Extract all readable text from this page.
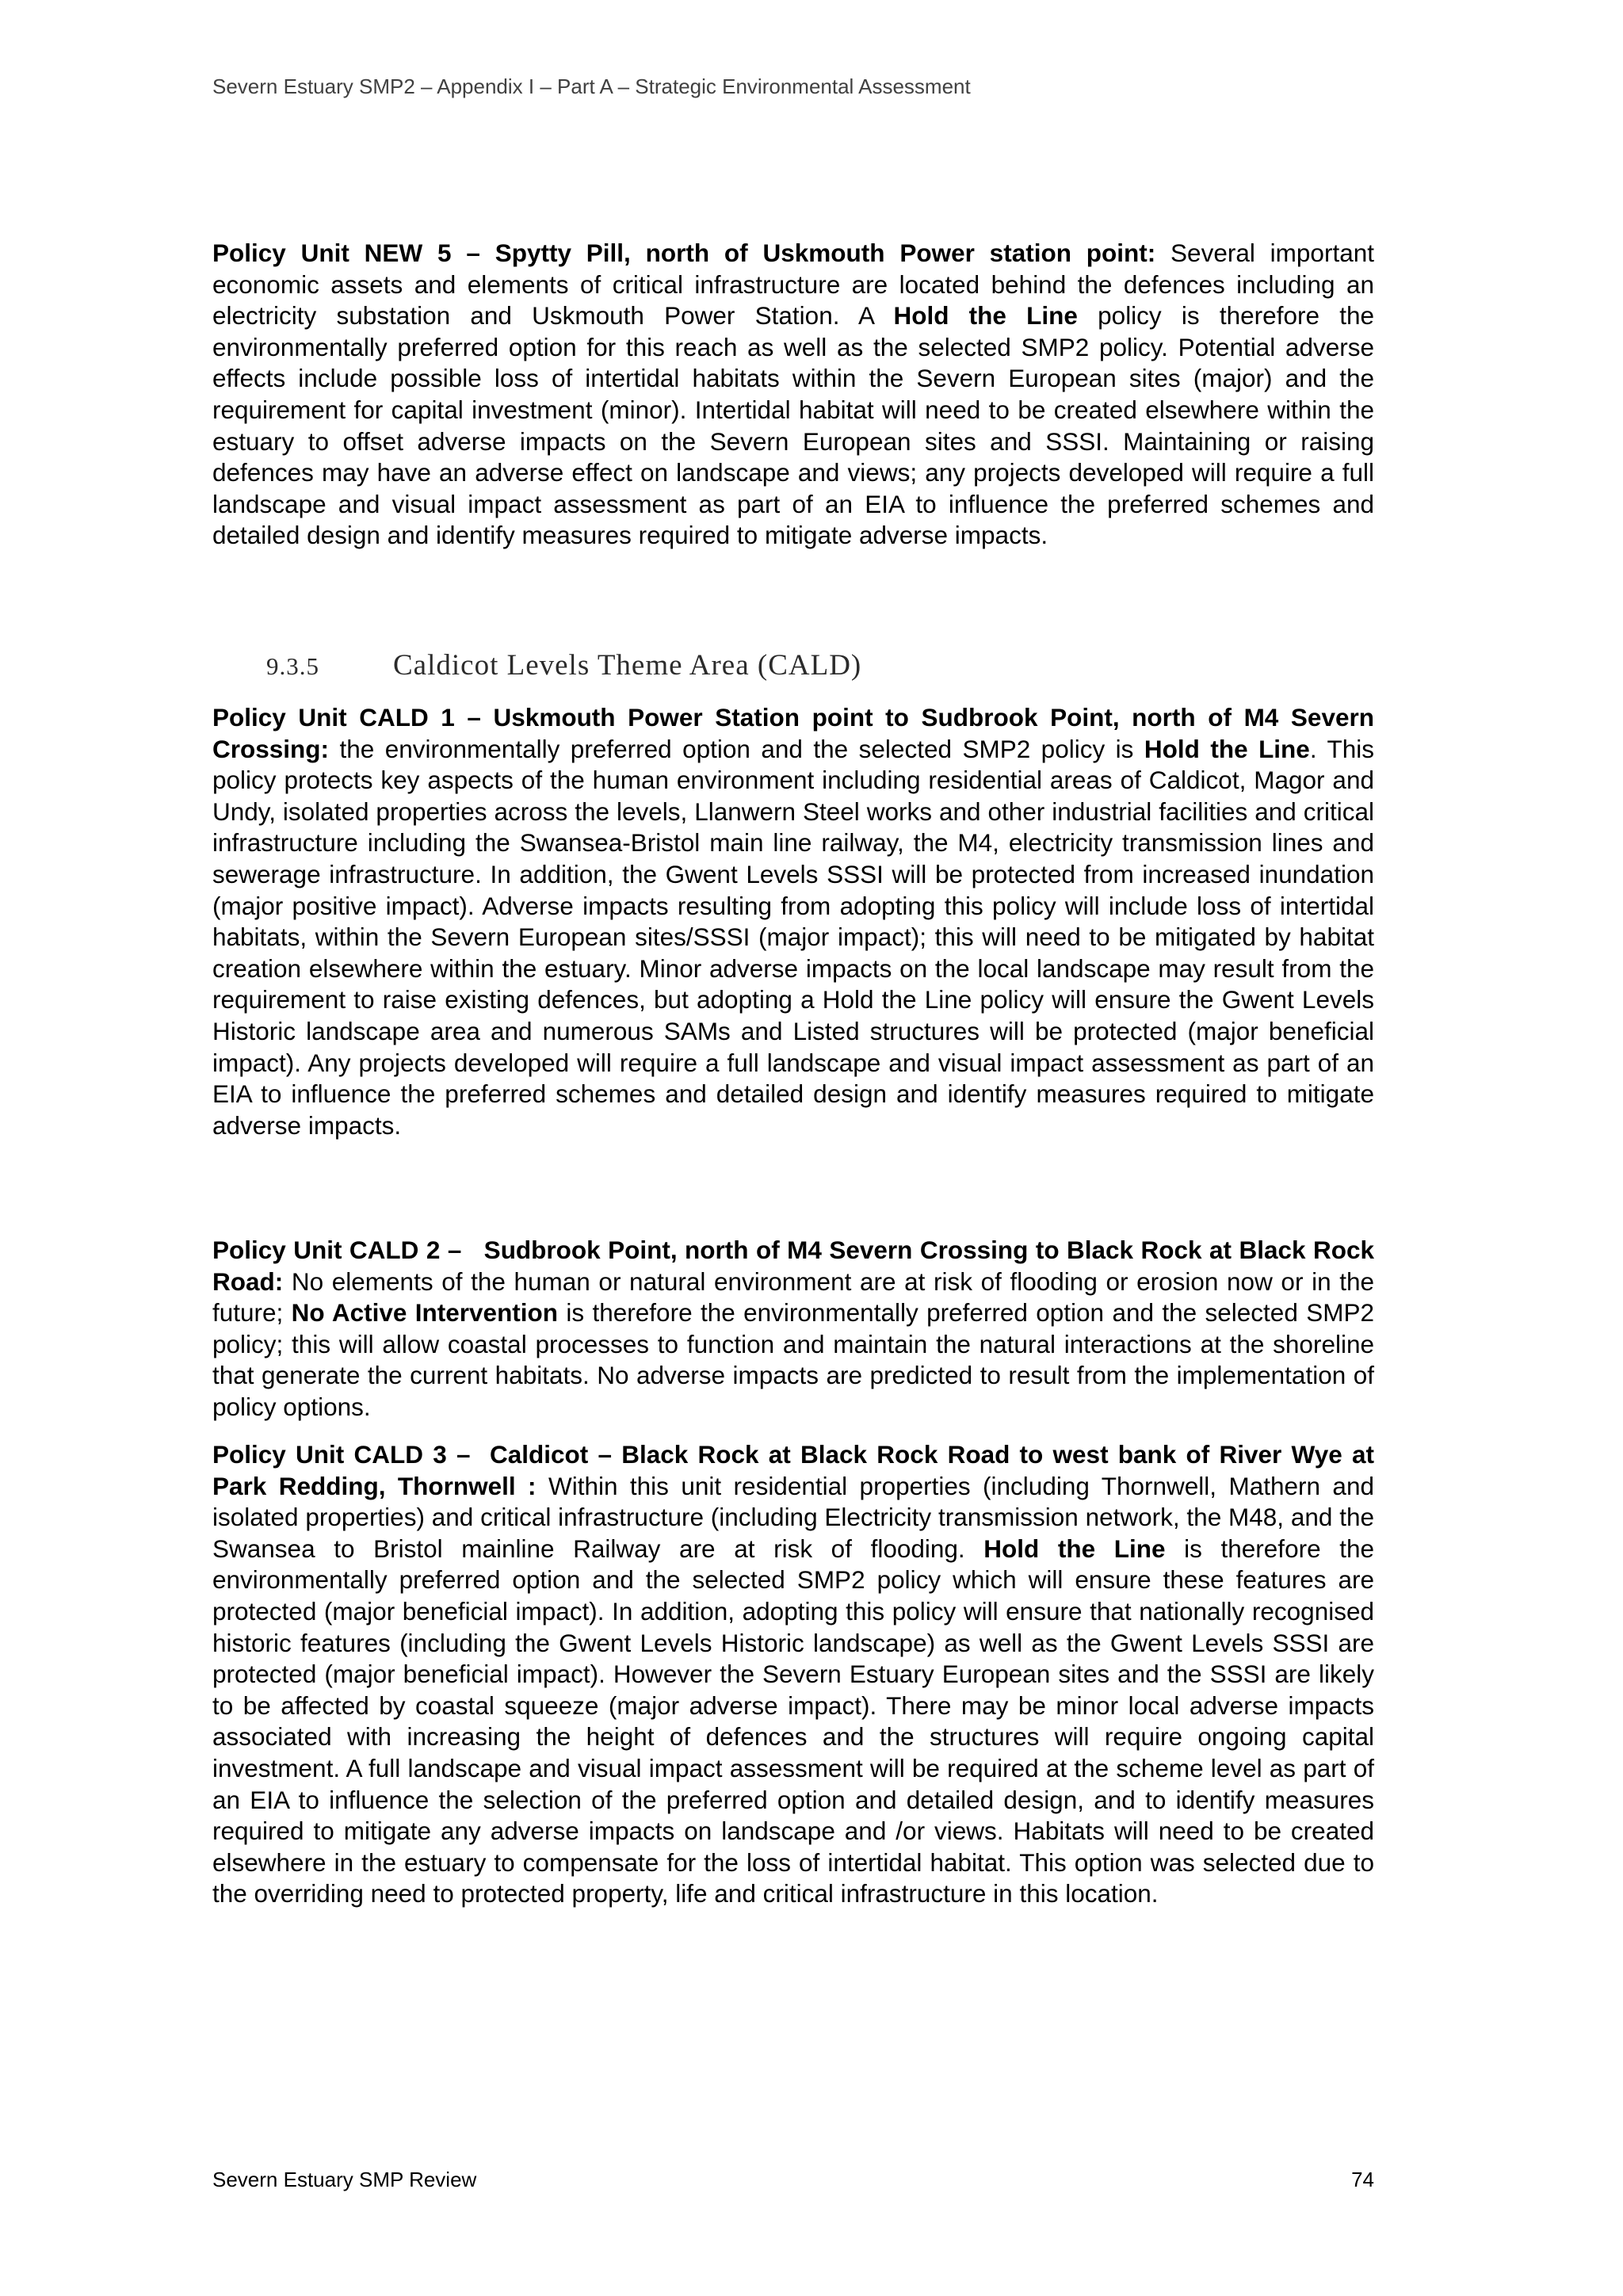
Severn Estuary SMP2 – Appendix I – Part A – Strategic Environmental Assessment

Policy Unit NEW 5 – Spytty Pill, north of Uskmouth Power station point: Several important economic assets and elements of critical infrastructure are located behind the defences including an electricity substation and Uskmouth Power Station. A Hold the Line policy is therefore the environmentally preferred option for this reach as well as the selected SMP2 policy. Potential adverse effects include possible loss of intertidal habitats within the Severn European sites (major) and the requirement for capital investment (minor). Intertidal habitat will need to be created elsewhere within the estuary to offset adverse impacts on the Severn European sites and SSSI. Maintaining or raising defences may have an adverse effect on landscape and views; any projects developed will require a full landscape and visual impact assessment as part of an EIA to influence the preferred schemes and detailed design and identify measures required to mitigate adverse impacts.

9.3.5	Caldicot Levels Theme Area (CALD)

Policy Unit CALD 1 – Uskmouth Power Station point to Sudbrook Point, north of M4 Severn Crossing: the environmentally preferred option and the selected SMP2 policy is Hold the Line. This policy protects key aspects of the human environment including residential areas of Caldicot, Magor and Undy, isolated properties across the levels, Llanwern Steel works and other industrial facilities and critical infrastructure including the Swansea-Bristol main line railway, the M4, electricity transmission lines and sewerage infrastructure. In addition, the Gwent Levels SSSI will be protected from increased inundation (major positive impact). Adverse impacts resulting from adopting this policy will include loss of intertidal habitats, within the Severn European sites/SSSI (major impact); this will need to be mitigated by habitat creation elsewhere within the estuary. Minor adverse impacts on the local landscape may result from the requirement to raise existing defences, but adopting a Hold the Line policy will ensure the Gwent Levels Historic landscape area and numerous SAMs and Listed structures will be protected (major beneficial impact). Any projects developed will require a full landscape and visual impact assessment as part of an EIA to influence the preferred schemes and detailed design and identify measures required to mitigate adverse impacts.

Policy Unit CALD 2 –   Sudbrook Point, north of M4 Severn Crossing to Black Rock at Black Rock Road: No elements of the human or natural environment are at risk of flooding or erosion now or in the future; No Active Intervention is therefore the environmentally preferred option and the selected SMP2 policy; this will allow coastal processes to function and maintain the natural interactions at the shoreline that generate the current habitats. No adverse impacts are predicted to result from the implementation of policy options.

Policy Unit CALD 3 –  Caldicot – Black Rock at Black Rock Road to west bank of River Wye at Park Redding, Thornwell : Within this unit residential properties (including Thornwell, Mathern and isolated properties) and critical infrastructure (including Electricity transmission network, the M48, and the Swansea to Bristol mainline Railway are at risk of flooding. Hold the Line is therefore the environmentally preferred option and the selected SMP2 policy which will ensure these features are protected (major beneficial impact). In addition, adopting this policy will ensure that nationally recognised historic features (including the Gwent Levels Historic landscape) as well as the Gwent Levels SSSI are protected (major beneficial impact). However the Severn Estuary European sites and the SSSI are likely to be affected by coastal squeeze (major adverse impact). There may be minor local adverse impacts associated with increasing the height of defences and the structures will require ongoing capital investment. A full landscape and visual impact assessment will be required at the scheme level as part of an EIA to influence the selection of the preferred option and detailed design, and to identify measures required to mitigate any adverse impacts on landscape and /or views. Habitats will need to be created elsewhere in the estuary to compensate for the loss of intertidal habitat. This option was selected due to the overriding need to protected property, life and critical infrastructure in this location.

Severn Estuary SMP Review	74
